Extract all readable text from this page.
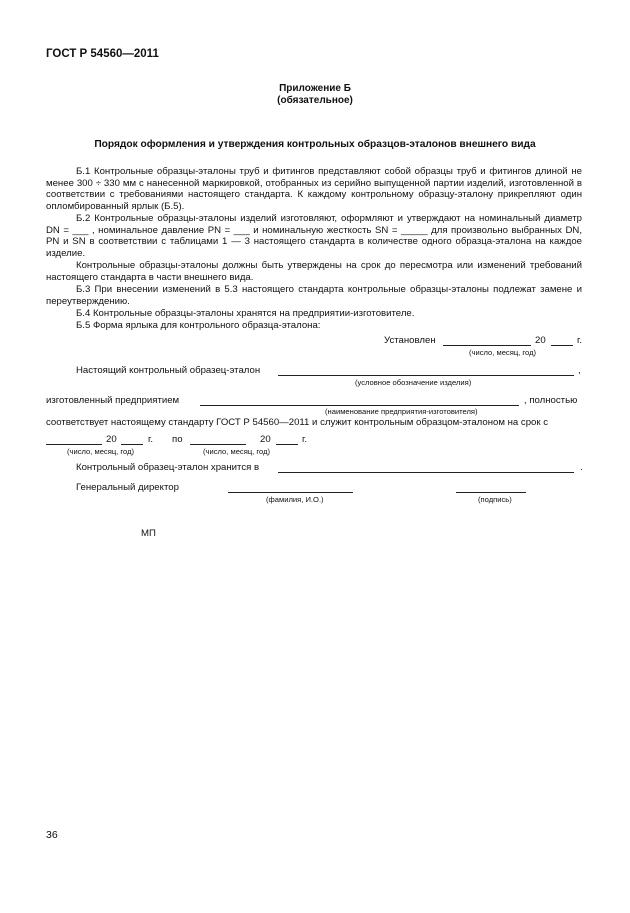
ГОСТ Р 54560—2011
Приложение Б
(обязательное)
Порядок оформления и утверждения контрольных образцов-эталонов внешнего вида
Б.1 Контрольные образцы-эталоны труб и фитингов представляют собой образцы труб и фитингов длиной не менее 300 ÷ 330 мм с нанесенной маркировкой, отобранных из серийно выпущенной партии изделий, изготовленной в соответствии с требованиями настоящего стандарта. К каждому контрольному образцу-эталону прикрепляют один опломбированный ярлык (Б.5).
Б.2 Контрольные образцы-эталоны изделий изготовляют, оформляют и утверждают на номинальный диаметр DN = ___ , номинальное давление PN = ___ и номинальную жесткость SN = _____ для произвольно выбранных DN, PN и SN в соответствии с таблицами 1 — 3 настоящего стандарта в количестве одного образца-эталона на каждое изделие.
Контрольные образцы-эталоны должны быть утверждены на срок до пересмотра или изменений требований настоящего стандарта в части внешнего вида.
Б.3 При внесении изменений в 5.3 настоящего стандарта контрольные образцы-эталоны подлежат замене и переутверждению.
Б.4 Контрольные образцы-эталоны хранятся на предприятии-изготовителе.
Б.5 Форма ярлыка для контрольного образца-эталона:
Установлен	20	г.
(число, месяц, год)
Настоящий контрольный образец-эталон	,
(условное обозначение изделия)
изготовленный предприятием	, полностью
(наименование предприятия-изготовителя)
соответствует настоящему стандарту ГОСТ Р 54560—2011 и служит контрольным образцом-эталоном на срок с
20	г. по	20	г.
(число, месяц, год)	(число, месяц, год)
Контрольный образец-эталон хранится в	.
Генеральный директор
(фамилия, И.О.)	(подпись)
МП
36
